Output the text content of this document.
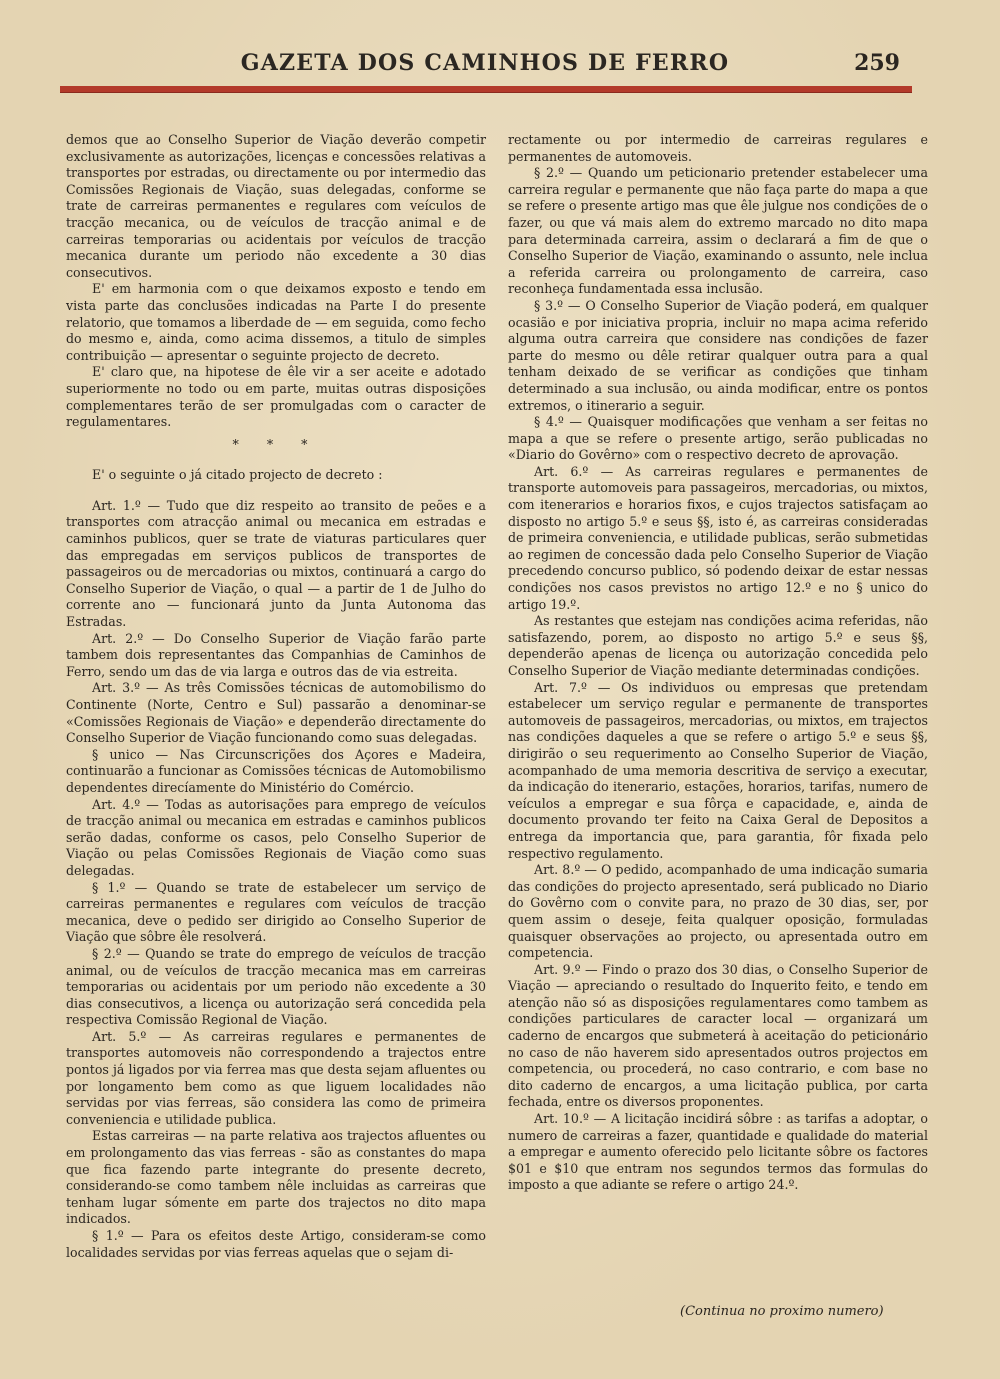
GAZETA DOS CAMINHOS DE FERRO	259

demos que ao Conselho Superior de Viação deverão competir exclusivamente as autorizações, licenças e concessões relativas a transportes por estradas, ou directamente ou por intermedio das Comissões Regionais de Viação, suas delegadas, conforme se trate de carreiras permanentes e regulares com veículos de tracção mecanica, ou de veículos de tracção animal e de carreiras temporarias ou acidentais por veículos de tracção mecanica durante um periodo não excedente a 30 dias consecutivos.

E' em harmonia com o que deixamos exposto e tendo em vista parte das conclusões indicadas na Parte I do presente relatorio, que tomamos a liberdade de — em seguida, como fecho do mesmo e, ainda, como acima dissemos, a titulo de simples contribuição — apresentar o seguinte projecto de decreto.

E' claro que, na hipotese de êle vir a ser aceite e adotado superiormente no todo ou em parte, muitas outras disposições complementares terão de ser promulgadas com o caracter de regulamentares.

* * *

E' o seguinte o já citado projecto de decreto :

Art. 1.º — Tudo que diz respeito ao transito de peões e a transportes com atracção animal ou mecanica em estradas e caminhos publicos, quer se trate de viaturas particulares quer das empregadas em serviços publicos de transportes de passageiros ou de mercadorias ou mixtos, continuará a cargo do Conselho Superior de Viação, o qual — a partir de 1 de Julho do corrente ano — funcionará junto da Junta Autonoma das Estradas.

Art. 2.º — Do Conselho Superior de Viação farão parte tambem dois representantes das Companhias de Caminhos de Ferro, sendo um das de via larga e outros das de via estreita.

Art. 3.º — As três Comissões técnicas de automobilismo do Continente (Norte, Centro e Sul) passarão a denominar-se «Comissões Regionais de Viação» e dependerão directamente do Conselho Superior de Viação funcionando como suas delegadas.

§ unico — Nas Circunscrições dos Açores e Madeira, continuarão a funcionar as Comissões técnicas de Automobilismo dependentes direcíamente do Ministério do Comércio.

Art. 4.º — Todas as autorisações para emprego de veículos de tracção animal ou mecanica em estradas e caminhos publicos serão dadas, conforme os casos, pelo Conselho Superior de Viação ou pelas Comissões Regionais de Viação como suas delegadas.

§ 1.º — Quando se trate de estabelecer um serviço de carreiras permanentes e regulares com veículos de tracção mecanica, deve o pedido ser dirigido ao Conselho Superior de Viação que sôbre êle resolverá.

§ 2.º — Quando se trate do emprego de veículos de tracção animal, ou de veículos de tracção mecanica mas em carreiras temporarias ou acidentais por um periodo não excedente a 30 dias consecutivos, a licença ou autorização será concedida pela respectiva Comissão Regional de Viação.

Art. 5.º — As carreiras regulares e permanentes de transportes automoveis não correspondendo a trajectos entre pontos já ligados por via ferrea mas que desta sejam afluentes ou por longamento bem como as que liguem localidades não servidas por vias ferreas, são considera las como de primeira conveniencia e utilidade publica.

Estas carreiras — na parte relativa aos trajectos afluentes ou em prolongamento das vias ferreas - são as constantes do mapa que fica fazendo parte integrante do presente decreto, considerando-se como tambem nêle incluidas as carreiras que tenham lugar sómente em parte dos trajectos no dito mapa indicados.

§ 1.º — Para os efeitos deste Artigo, consideram-se como localidades servidas por vias ferreas aquelas que o sejam di-

rectamente ou por intermedio de carreiras regulares e permanentes de automoveis.

§ 2.º — Quando um peticionario pretender estabelecer uma carreira regular e permanente que não faça parte do mapa a que se refere o presente artigo mas que êle julgue nos condições de o fazer, ou que vá mais alem do extremo marcado no dito mapa para determinada carreira, assim o declarará a fim de que o Conselho Superior de Viação, examinando o assunto, nele inclua a referida carreira ou prolongamento de carreira, caso reconheça fundamentada essa inclusão.

§ 3.º — O Conselho Superior de Viação poderá, em qualquer ocasião e por iniciativa propria, incluir no mapa acima referido alguma outra carreira que considere nas condições de fazer parte do mesmo ou dêle retirar qualquer outra para a qual tenham deixado de se verificar as condições que tinham determinado a sua inclusão, ou ainda modificar, entre os pontos extremos, o itinerario a seguir.

§ 4.º — Quaisquer modificações que venham a ser feitas no mapa a que se refere o presente artigo, serão publicadas no «Diario do Govêrno» com o respectivo decreto de aprovação.

Art. 6.º — As carreiras regulares e permanentes de transporte automoveis para passageiros, mercadorias, ou mixtos, com itenerarios e horarios fixos, e cujos trajectos satisfaçam ao disposto no artigo 5.º e seus §§, isto é, as carreiras consideradas de primeira conveniencia, e utilidade publicas, serão submetidas ao regimen de concessão dada pelo Conselho Superior de Viação precedendo concurso publico, só podendo deixar de estar nessas condições nos casos previstos no artigo 12.º e no § unico do artigo 19.º.

As restantes que estejam nas condições acima referidas, não satisfazendo, porem, ao disposto no artigo 5.º e seus §§, dependerão apenas de licença ou autorização concedida pelo Conselho Superior de Viação mediante determinadas condições.

Art. 7.º — Os individuos ou empresas que pretendam estabelecer um serviço regular e permanente de transportes automoveis de passageiros, mercadorias, ou mixtos, em trajectos nas condições daqueles a que se refere o artigo 5.º e seus §§, dirigirão o seu requerimento ao Conselho Superior de Viação, acompanhado de uma memoria descritiva de serviço a executar, da indicação do itenerario, estações, horarios, tarifas, numero de veículos a empregar e sua fôrça e capacidade, e, ainda de documento provando ter feito na Caixa Geral de Depositos a entrega da importancia que, para garantia, fôr fixada pelo respectivo regulamento.

Art. 8.º — O pedido, acompanhado de uma indicação sumaria das condições do projecto apresentado, será publicado no Diario do Govêrno com o convite para, no prazo de 30 dias, ser, por quem assim o deseje, feita qualquer oposição, formuladas quaisquer observações ao projecto, ou apresentada outro em competencia.

Art. 9.º — Findo o prazo dos 30 dias, o Conselho Superior de Viação — apreciando o resultado do Inquerito feito, e tendo em atenção não só as disposições regulamentares como tambem as condições particulares de caracter local — organizará um caderno de encargos que submeterá à aceitação do peticionário no caso de não haverem sido apresentados outros projectos em competencia, ou procederá, no caso contrario, e com base no dito caderno de encargos, a uma licitação publica, por carta fechada, entre os diversos proponentes.

Art. 10.º — A licitação incidirá sôbre : as tarifas a adoptar, o numero de carreiras a fazer, quantidade e qualidade do material a empregar e aumento oferecido pelo licitante sôbre os factores $01 e $10 que entram nos segundos termos das formulas do imposto a que adiante se refere o artigo 24.º.

(Continua no proximo numero)
